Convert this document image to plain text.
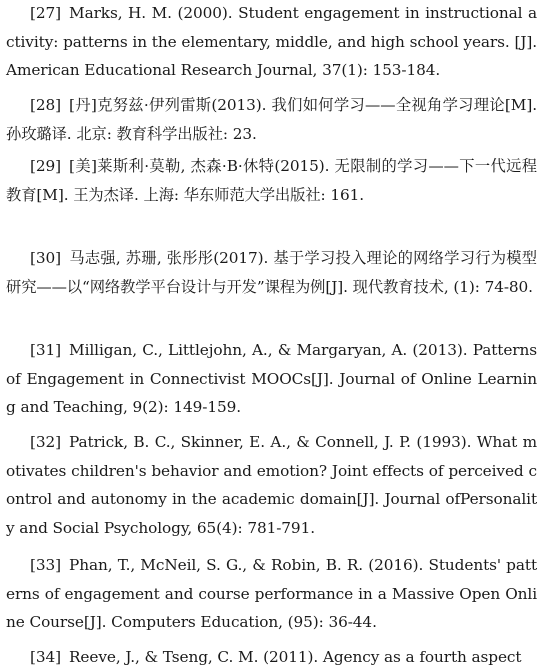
[ 27 ] Marks, H. M. (2000). Student engagement in instructional activity: patterns in the elementary, middle, and high school years. [J]. American Educational Research Journal, 37(1): 153-184.
[ 28 ] [丹]克努兹·伊列雷斯(2013). 我们如何学习——全视角学习理论[M]. 孙玫璐译. 北京: 教育科学出版社: 23.
[ 29 ] [美]莱斯利·莫勒, 杰森·B·休特(2015). 无限制的学习——下一代远程教育[M]. 王为杰译. 上海: 华东师范大学出版社: 161.
[ 30 ] 马志强, 苏珊, 张彤彤(2017). 基于学习投入理论的网络学习行为模型研究——以“网络教学平台设计与开发”课程为例[J]. 现代教育技术, (1): 74-80.
[ 31 ] Milligan, C., Littlejohn, A., & Margaryan, A. (2013). Patterns of Engagement in Connectivist MOOCs[J]. Journal of Online Learning and Teaching, 9(2): 149-159.
[ 32 ] Patrick, B. C., Skinner, E. A., & Connell, J. P. (1993). What motivates children's behavior and emotion? Joint effects of perceived control and autonomy in the academic domain[J]. Journal ofPersonality and Social Psychology, 65(4): 781-791.
[ 33 ] Phan, T., McNeil, S. G., & Robin, B. R. (2016). Students' patterns of engagement and course performance in a Massive Open Online Course[J]. Computers Education, (95): 36-44.
[ 34 ] Reeve, J., & Tseng, C. M. (2011). Agency as a fourth aspect
